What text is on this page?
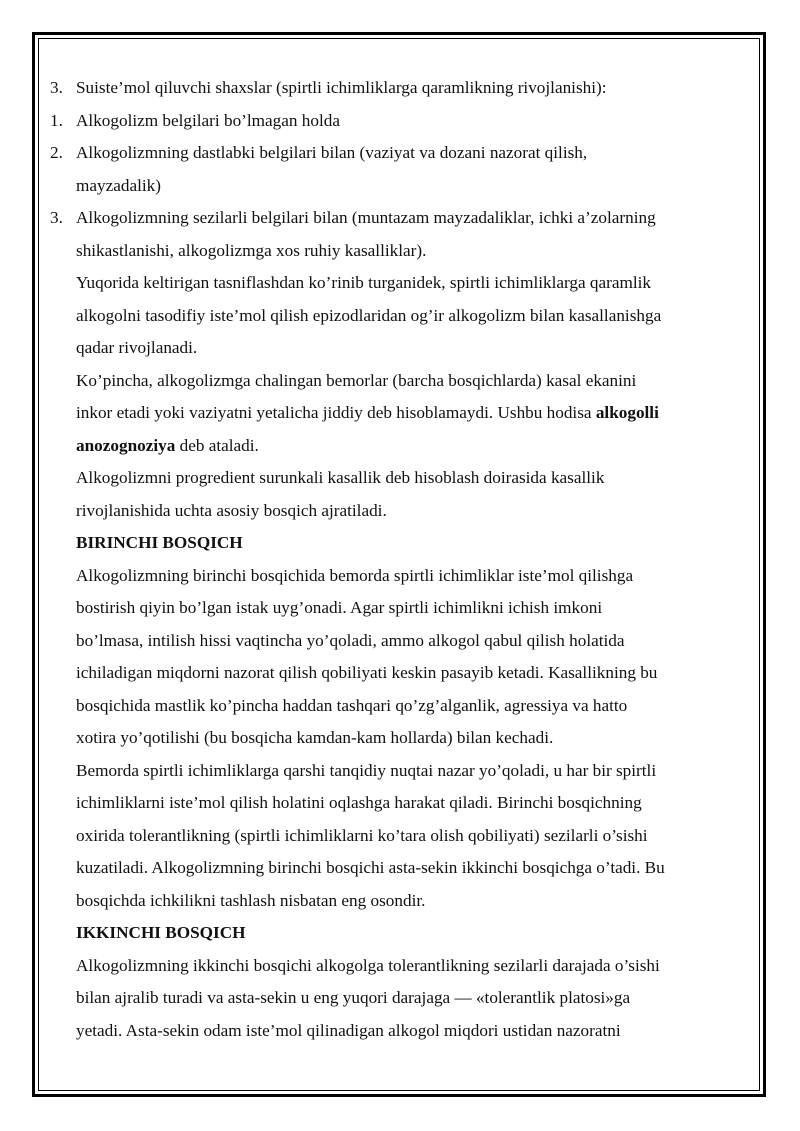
3. Suiste’mol qiluvchi shaxslar (spirtli ichimliklarga qaramlikning rivojlanishi):
1. Alkogolizm belgilari bo’lmagan holda
2. Alkogolizmning dastlabki belgilari bilan (vaziyat va dozani nazorat qilish,
mayzadalik)
3. Alkogolizmning sezilarli belgilari bilan (muntazam mayzadaliklar, ichki a’zolarning
shikastlanishi, alkogolizmga xos ruhiy kasalliklar).
Yuqorida keltirigan tasniflashdan ko’rinib turganidek, spirtli ichimliklarga qaramlik
alkogolni tasodifiy iste’mol qilish epizodlaridan og’ir alkogolizm bilan kasallanishga
qadar rivojlanadi.
Ko’pincha, alkogolizmga chalingan bemorlar (barcha bosqichlarda) kasal ekanini
inkor etadi yoki vaziyatni yetalicha jiddiy deb hisoblamaydi. Ushbu hodisa alkogolli
anozognoziya deb ataladi.
Alkogolizmni progredient surunkali kasallik deb hisoblash doirasida kasallik
rivojlanishida uchta asosiy bosqich ajratiladi.
BIRINCHI BOSQICH
Alkogolizmning birinchi bosqichida bemorda spirtli ichimliklar iste’mol qilishga
bostirish qiyin bo’lgan istak uyg’onadi. Agar spirtli ichimlikni ichish imkoni
bo’lmasa, intilish hissi vaqtincha yo’qoladi, ammo alkogol qabul qilish holatida
ichiladigan miqdorni nazorat qilish qobiliyati keskin pasayib ketadi. Kasallikning bu
bosqichida mastlik ko’pincha haddan tashqari qo’zg’alganlik, agressiya va hatto
xotira yo’qotilishi (bu bosqicha kamdan-kam hollarda) bilan kechadi.
Bemorda spirtli ichimliklarga qarshi tanqidiy nuqtai nazar yo’qoladi, u har bir spirtli
ichimliklarni iste’mol qilish holatini oqlashga harakat qiladi. Birinchi bosqichning
oxirida tolerantlikning (spirtli ichimliklarni ko’tara olish qobiliyati) sezilarli o’sishi
kuzatiladi. Alkogolizmning birinchi bosqichi asta-sekin ikkinchi bosqichga o’tadi. Bu
bosqichda ichkilikni tashlash nisbatan eng osondir.
IKKINCHI BOSQICH
Alkogolizmning ikkinchi bosqichi alkogolga tolerantlikning sezilarli darajada o’sishi
bilan ajralib turadi va asta-sekin u eng yuqori darajaga — «tolerantlik platosi»ga
yetadi. Asta-sekin odam iste’mol qilinadigan alkogol miqdori ustidan nazoratni
